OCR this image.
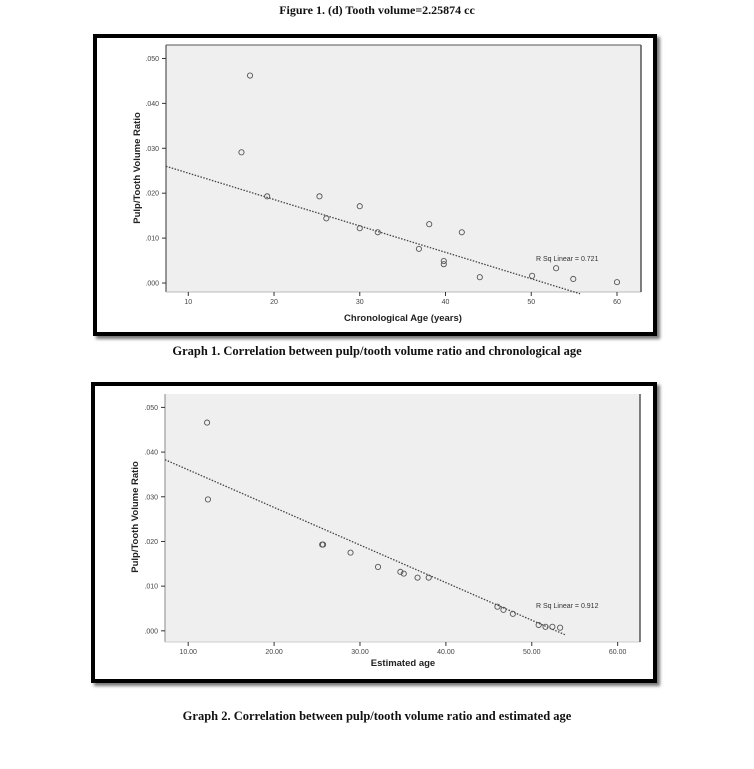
Figure 1. (d) Tooth volume=2.25874 cc
10	20	30	40	50	60
.000
.010
.020
.030
.040
.050
Chronological Age (years)
Pulp/Tooth Volume Ratio
R Sq Linear = 0.721
10.00	20.00	30.00	40.00	50.00	60.00
.000
.010
.020
.030
.040
.050
Estimated age
Pulp/Tooth Volume Ratio
R Sq Linear = 0.912
Graph 1. Correlation between pulp/tooth volume ratio and chronological age
Graph 2. Correlation between pulp/tooth volume ratio and estimated age
